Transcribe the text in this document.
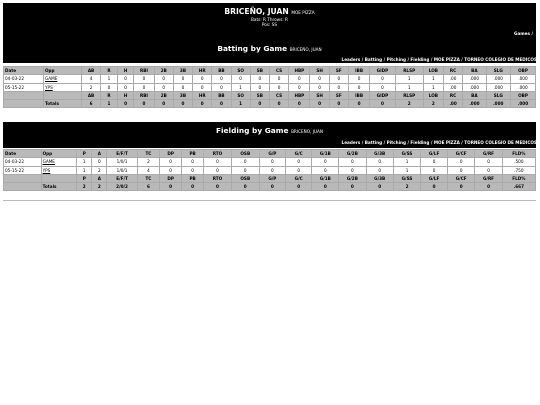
BRICEÑO, JUAN MOE PIZZA
Bats: R Throws: R
Pos: SS
Games /
Batting by Game BRICEÑO, JUAN
Leaders / Batting / Pitching / Fielding / MOE PIZZA / TORNEO COLEGIO DE MEDICOS
Date	Opp	AB	R	H	RBI	2B	3B	HR	BB	SO	SB	CS	HBP	SH	SF	IBB	GIDP	RLSP	LOB	RC	BA	SLG	OBP
04-03-22	GAME	4	1	0	0	0	0	0	0	0	0	0	0	0	0	0	0	1	1	.00	.000	.000	.000
05-15-22	YPS	2	0	0	0	0	0	0	0	1	0	0	0	0	0	0	0	1	1	.00	.000	.000	.000
		AB	R	H	RBI	2B	3B	HR	BB	SO	SB	CS	HBP	SH	SF	IBB	GIDP	RLSP	LOB	RC	BA	SLG	OBP
	Totals	6	1	0	0	0	0	0	0	1	0	0	0	0	0	0	0	2	2	.00	.000	.000	.000
Fielding by Game BRICEÑO, JUAN
Leaders / Batting / Pitching / Fielding / MOE PIZZA / TORNEO COLEGIO DE MEDICOS
Date	Opp	P	A	E/F/T	TC	DP	PB	RTO	OSB	G/P	G/C	G/1B	G/2B	G/3B	G/SS	G/LF	G/CF	G/RF	FLD%
04-03-22	GAME	1	0	1/0/1	2	0	0	0	0	0	0	0	0	0	1	0	0	0	.500
05-15-22	YPS	1	2	1/0/1	4	0	0	0	0	0	0	0	0	0	1	0	0	0	.750
		P	A	E/F/T	TC	DP	PB	RTO	OSB	G/P	G/C	G/1B	G/2B	G/3B	G/SS	G/LF	G/CF	G/RF	FLD%
	Totals	2	2	2/0/2	6	0	0	0	0	0	0	0	0	0	2	0	0	0	.667
